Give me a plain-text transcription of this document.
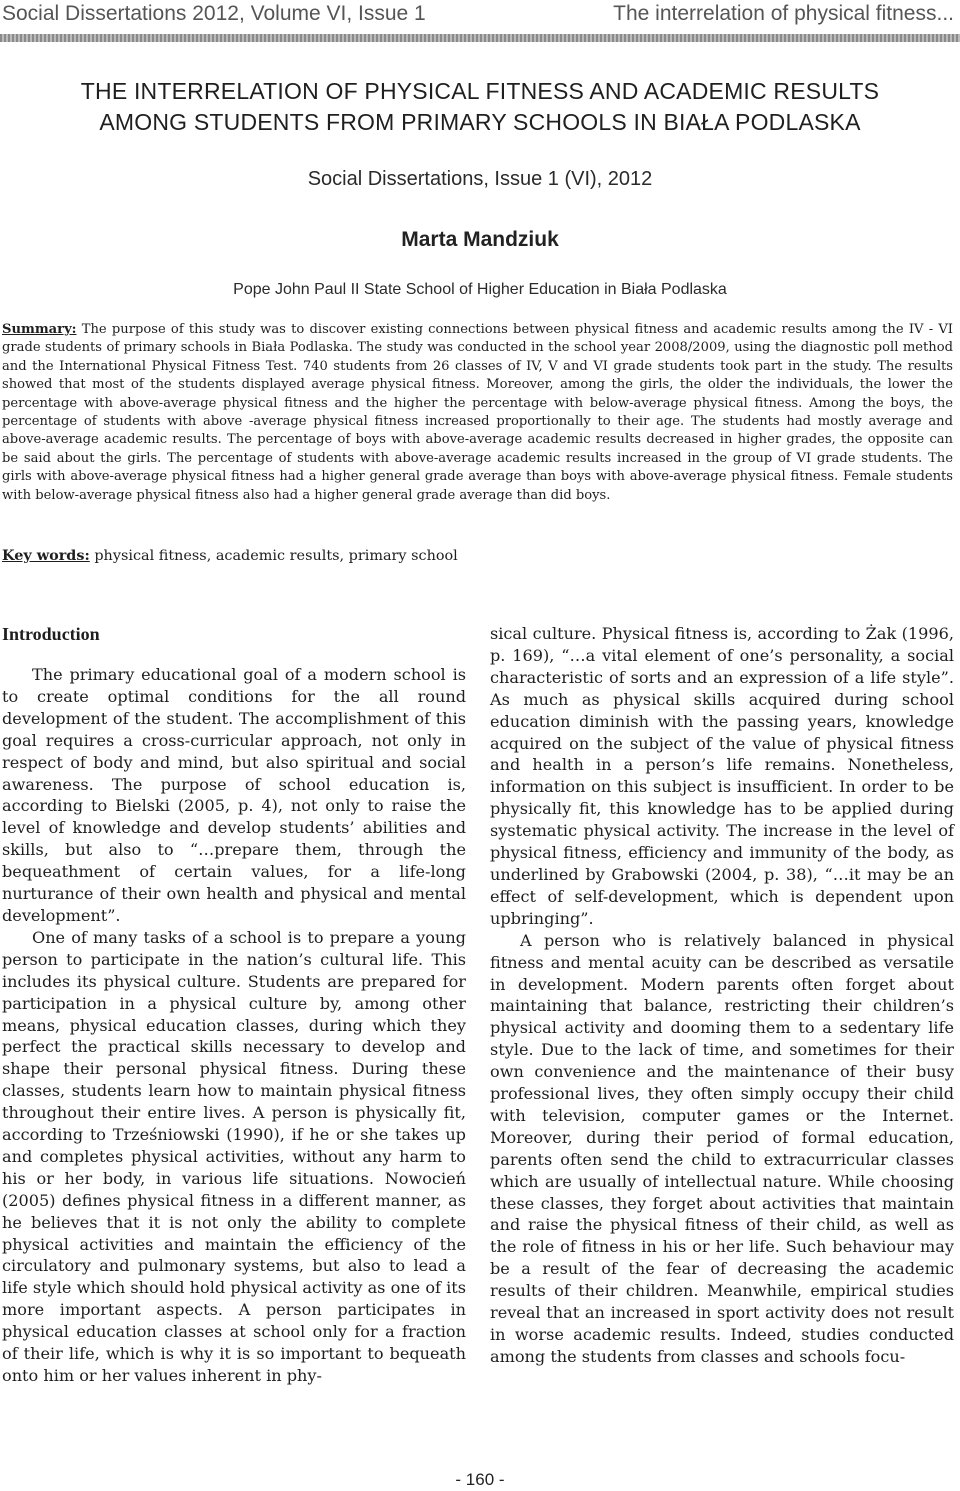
Social Dissertations 2012, Volume VI, Issue 1	The interrelation of physical fitness...
THE INTERRELATION OF PHYSICAL FITNESS AND ACADEMIC RESULTS
AMONG STUDENTS FROM PRIMARY SCHOOLS IN BIAŁA PODLASKA
Social Dissertations, Issue 1 (VI), 2012
Marta Mandziuk
Pope John Paul II State School of Higher Education in Biała Podlaska
Summary: The purpose of this study was to discover existing connections between physical fitness and academic results among the IV - VI grade students of primary schools in Biała Podlaska. The study was conducted in the school year 2008/2009, using the diagnostic poll method and the International Physical Fitness Test. 740 students from 26 classes of IV, V and VI grade students took part in the study. The results showed that most of the students displayed average physical fitness. Moreover, among the girls, the older the individuals, the lower the percentage with above-average physical fitness and the higher the percentage with below-average physical fitness. Among the boys, the percentage of students with above -average physical fitness increased proportionally to their age. The students had mostly average and above-average academic results. The percentage of boys with above-average academic results decreased in higher grades, the opposite can be said about the girls. The percentage of students with above-average academic results increased in the group of VI grade students. The girls with above-average physical fitness had a higher general grade average than boys with above-average physical fitness. Female students with below-average physical fitness also had a higher general grade average than did boys.
Key words: physical fitness, academic results, primary school
Introduction

The primary educational goal of a modern school is to create optimal conditions for the all round development of the student. The accomplishment of this goal requires a cross-curricular approach, not only in respect of body and mind, but also spiritual and social awareness. The purpose of school education is, according to Bielski (2005, p. 4), not only to raise the level of knowledge and develop students’ abilities and skills, but also to “…prepare them, through the bequeathment of certain values, for a life-long nurturance of their own health and physical and mental development”.

One of many tasks of a school is to prepare a young person to participate in the nation’s cultural life. This includes its physical culture. Students are prepared for participation in a physical culture by, among other means, physical education classes, during which they perfect the practical skills necessary to develop and shape their personal physical fitness. During these classes, students learn how to maintain physical fitness throughout their entire lives. A person is physically fit, according to Trześniowski (1990), if he or she takes up and completes physical activities, without any harm to his or her body, in various life situations. Nowocień (2005) defines physical fitness in a different manner, as he believes that it is not only the ability to complete physical activities and maintain the efficiency of the circulatory and pulmonary systems, but also to lead a life style which should hold physical activity as one of its more important aspects. A person participates in physical education classes at school only for a fraction of their life, which is why it is so important to bequeath onto him or her values inherent in phy-

sical culture. Physical fitness is, according to Żak (1996, p. 169), “…a vital element of one’s personality, a social characteristic of sorts and an expression of a life style”. As much as physical skills acquired during school education diminish with the passing years, knowledge acquired on the subject of the value of physical fitness and health in a person’s life remains. Nonetheless, information on this subject is insufficient. In order to be physically fit, this knowledge has to be applied during systematic physical activity. The increase in the level of physical fitness, efficiency and immunity of the body, as underlined by Grabowski (2004, p. 38), “…it may be an effect of self-development, which is dependent upon upbringing”.

A person who is relatively balanced in physical fitness and mental acuity can be described as versatile in development. Modern parents often forget about maintaining that balance, restricting their children’s physical activity and dooming them to a sedentary life style. Due to the lack of time, and sometimes for their own convenience and the maintenance of their busy professional lives, they often simply occupy their child with television, computer games or the Internet. Moreover, during their period of formal education, parents often send the child to extracurricular classes which are usually of intellectual nature. While choosing these classes, they forget about activities that maintain and raise the physical fitness of their child, as well as the role of fitness in his or her life. Such behaviour may be a result of the fear of decreasing the academic results of their children. Meanwhile, empirical studies reveal that an increased in sport activity does not result in worse academic results. Indeed, studies conducted among the students from classes and schools focu-

- 160 -
